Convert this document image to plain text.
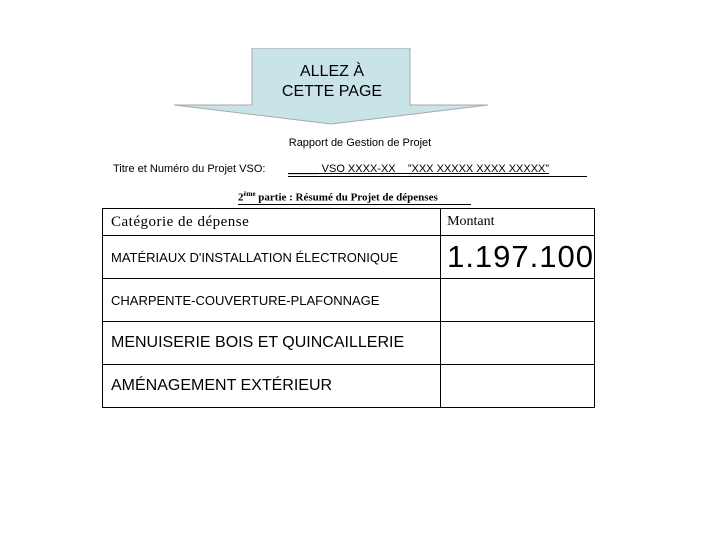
ALLEZ À
CETTE PAGE
Rapport de Gestion de Projet
Titre et Numéro du Projet VSO: _____ VSO XXXX-XX    ”XXX XXXXX XXXX XXXXX”
2ème partie : Résumé du Projet de dépenses
Catégorie de dépense	Montant
MATÉRIAUX D'INSTALLATION ÉLECTRONIQUE	1.197.100
CHARPENTE-COUVERTURE-PLAFONNAGE	
MENUISERIE BOIS ET QUINCAILLERIE	
AMÉNAGEMENT EXTÉRIEUR	
